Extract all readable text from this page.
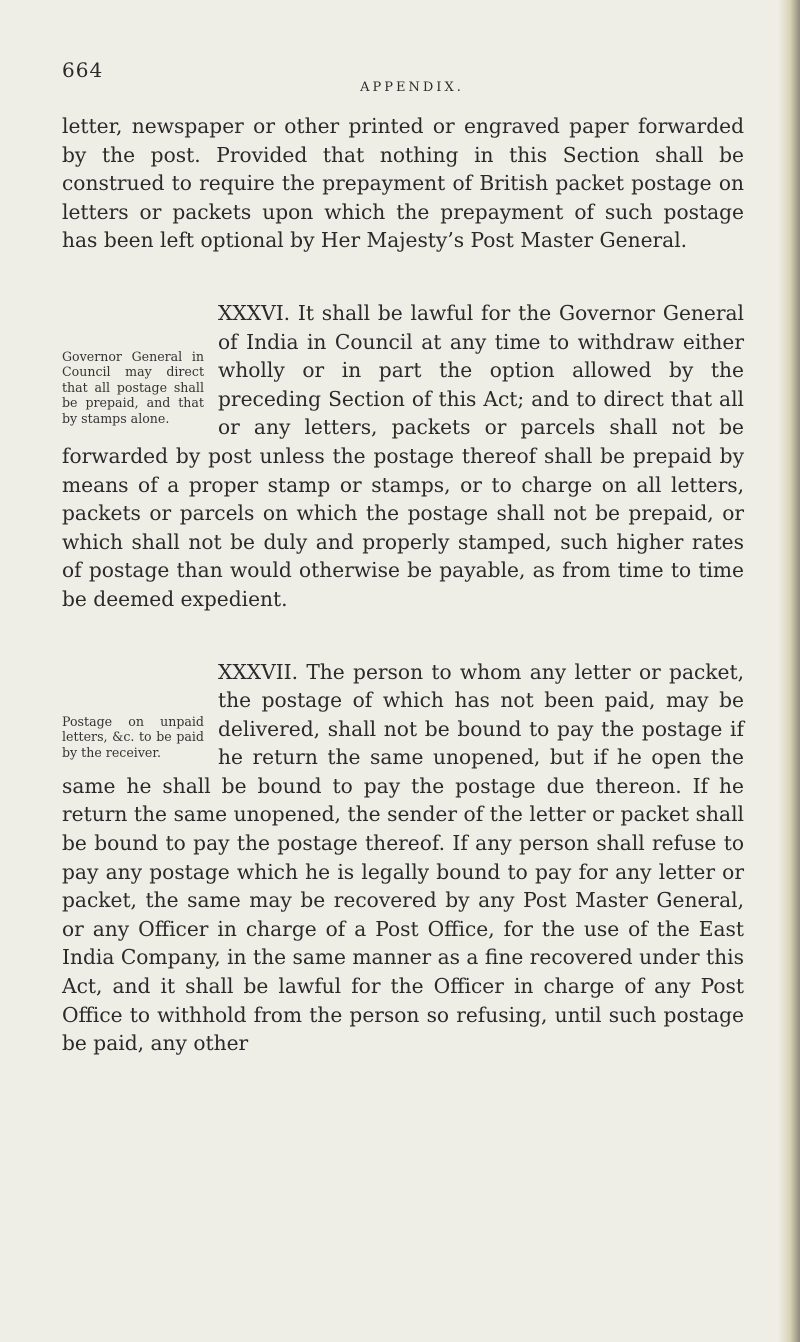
664
APPENDIX.

letter, newspaper or other printed or engraved paper forwarded by the post. Provided that nothing in this Section shall be construed to require the prepayment of British packet postage on letters or packets upon which the prepayment of such postage has been left optional by Her Majesty’s Post Master General.

Governor General in Council may direct that all postage shall be prepaid, and that by stamps alone.
XXXVI. It shall be lawful for the Governor General of India in Council at any time to withdraw either wholly or in part the option allowed by the preceding Section of this Act; and to direct that all or any letters, packets or parcels shall not be forwarded by post unless the postage thereof shall be prepaid by means of a proper stamp or stamps, or to charge on all letters, packets or parcels on which the postage shall not be prepaid, or which shall not be duly and properly stamped, such higher rates of postage than would otherwise be payable, as from time to time be deemed expedient.

Postage on unpaid letters, &c. to be paid by the receiver.
XXXVII. The person to whom any letter or packet, the postage of which has not been paid, may be delivered, shall not be bound to pay the postage if he return the same unopened, but if he open the same he shall be bound to pay the postage due thereon. If he return the same unopened, the sender of the letter or packet shall be bound to pay the postage thereof. If any person shall refuse to pay any postage which he is legally bound to pay for any letter or packet, the same may be recovered by any Post Master General, or any Officer in charge of a Post Office, for the use of the East India Company, in the same manner as a fine recovered under this Act, and it shall be lawful for the Officer in charge of any Post Office to withhold from the person so refusing, until such postage be paid, any other
